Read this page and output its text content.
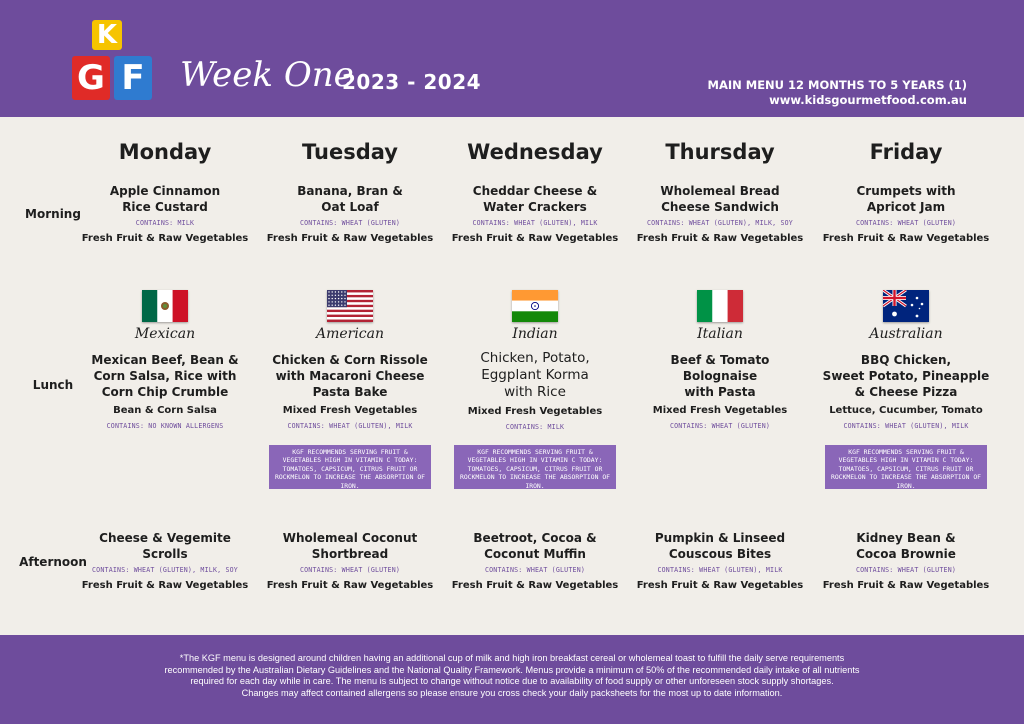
K
G F Week One
2023 - 2024	MAIN MENU 12 MONTHS TO 5 YEARS (1)
www.kidsgourmetfood.com.au
Morning
Lunch
Afternoon
Monday
Apple Cinnamon
Rice Custard
CONTAINS: MILK
Fresh Fruit & Raw Vegetables
Mexican
Mexican Beef, Bean &
Corn Salsa, Rice with
Corn Chip Crumble
Bean & Corn Salsa
CONTAINS: NO KNOWN ALLERGENS
Cheese & Vegemite
Scrolls
CONTAINS: WHEAT (GLUTEN), MILK, SOY
Fresh Fruit & Raw Vegetables
Tuesday
Banana, Bran &
Oat Loaf
CONTAINS: WHEAT (GLUTEN)
Fresh Fruit & Raw Vegetables
American
Chicken & Corn Rissole
with Macaroni Cheese
Pasta Bake
Mixed Fresh Vegetables
CONTAINS: WHEAT (GLUTEN), MILK
KGF RECOMMENDS SERVING FRUIT & VEGETABLES HIGH IN VITAMIN C TODAY: TOMATOES, CAPSICUM, CITRUS FRUIT OR ROCKMELON TO INCREASE THE ABSORPTION OF IRON.
Wholemeal Coconut
Shortbread
CONTAINS: WHEAT (GLUTEN)
Fresh Fruit & Raw Vegetables
Wednesday
Cheddar Cheese &
Water Crackers
CONTAINS: WHEAT (GLUTEN), MILK
Fresh Fruit & Raw Vegetables
Indian
Chicken, Potato,
Eggplant Korma
with Rice
Mixed Fresh Vegetables
CONTAINS: MILK
KGF RECOMMENDS SERVING FRUIT & VEGETABLES HIGH IN VITAMIN C TODAY: TOMATOES, CAPSICUM, CITRUS FRUIT OR ROCKMELON TO INCREASE THE ABSORPTION OF IRON.
Beetroot, Cocoa &
Coconut Muffin
CONTAINS: WHEAT (GLUTEN)
Fresh Fruit & Raw Vegetables
Thursday
Wholemeal Bread
Cheese Sandwich
CONTAINS: WHEAT (GLUTEN), MILK, SOY
Fresh Fruit & Raw Vegetables
Italian
Beef & Tomato
Bolognaise
with Pasta
Mixed Fresh Vegetables
CONTAINS: WHEAT (GLUTEN)
Pumpkin & Linseed
Couscous Bites
CONTAINS: WHEAT (GLUTEN), MILK
Fresh Fruit & Raw Vegetables
Friday
Crumpets with
Apricot Jam
CONTAINS: WHEAT (GLUTEN)
Fresh Fruit & Raw Vegetables
Australian
BBQ Chicken,
Sweet Potato, Pineapple
& Cheese Pizza
Lettuce, Cucumber, Tomato
CONTAINS: WHEAT (GLUTEN), MILK
KGF RECOMMENDS SERVING FRUIT & VEGETABLES HIGH IN VITAMIN C TODAY: TOMATOES, CAPSICUM, CITRUS FRUIT OR ROCKMELON TO INCREASE THE ABSORPTION OF IRON.
Kidney Bean &
Cocoa Brownie
CONTAINS: WHEAT (GLUTEN)
Fresh Fruit & Raw Vegetables
*The KGF menu is designed around children having an additional cup of milk and high iron breakfast cereal or wholemeal toast to fulfill the daily serve requirements
recommended by the Australian Dietary Guidelines and the National Quality Framework. Menus provide a minimum of 50% of the recommended daily intake of all nutrients
required for each day while in care. The menu is subject to change without notice due to availability of food supply or other unforeseen stock supply shortages.
Changes may affect contained allergens so please ensure you cross check your daily packsheets for the most up to date information.
